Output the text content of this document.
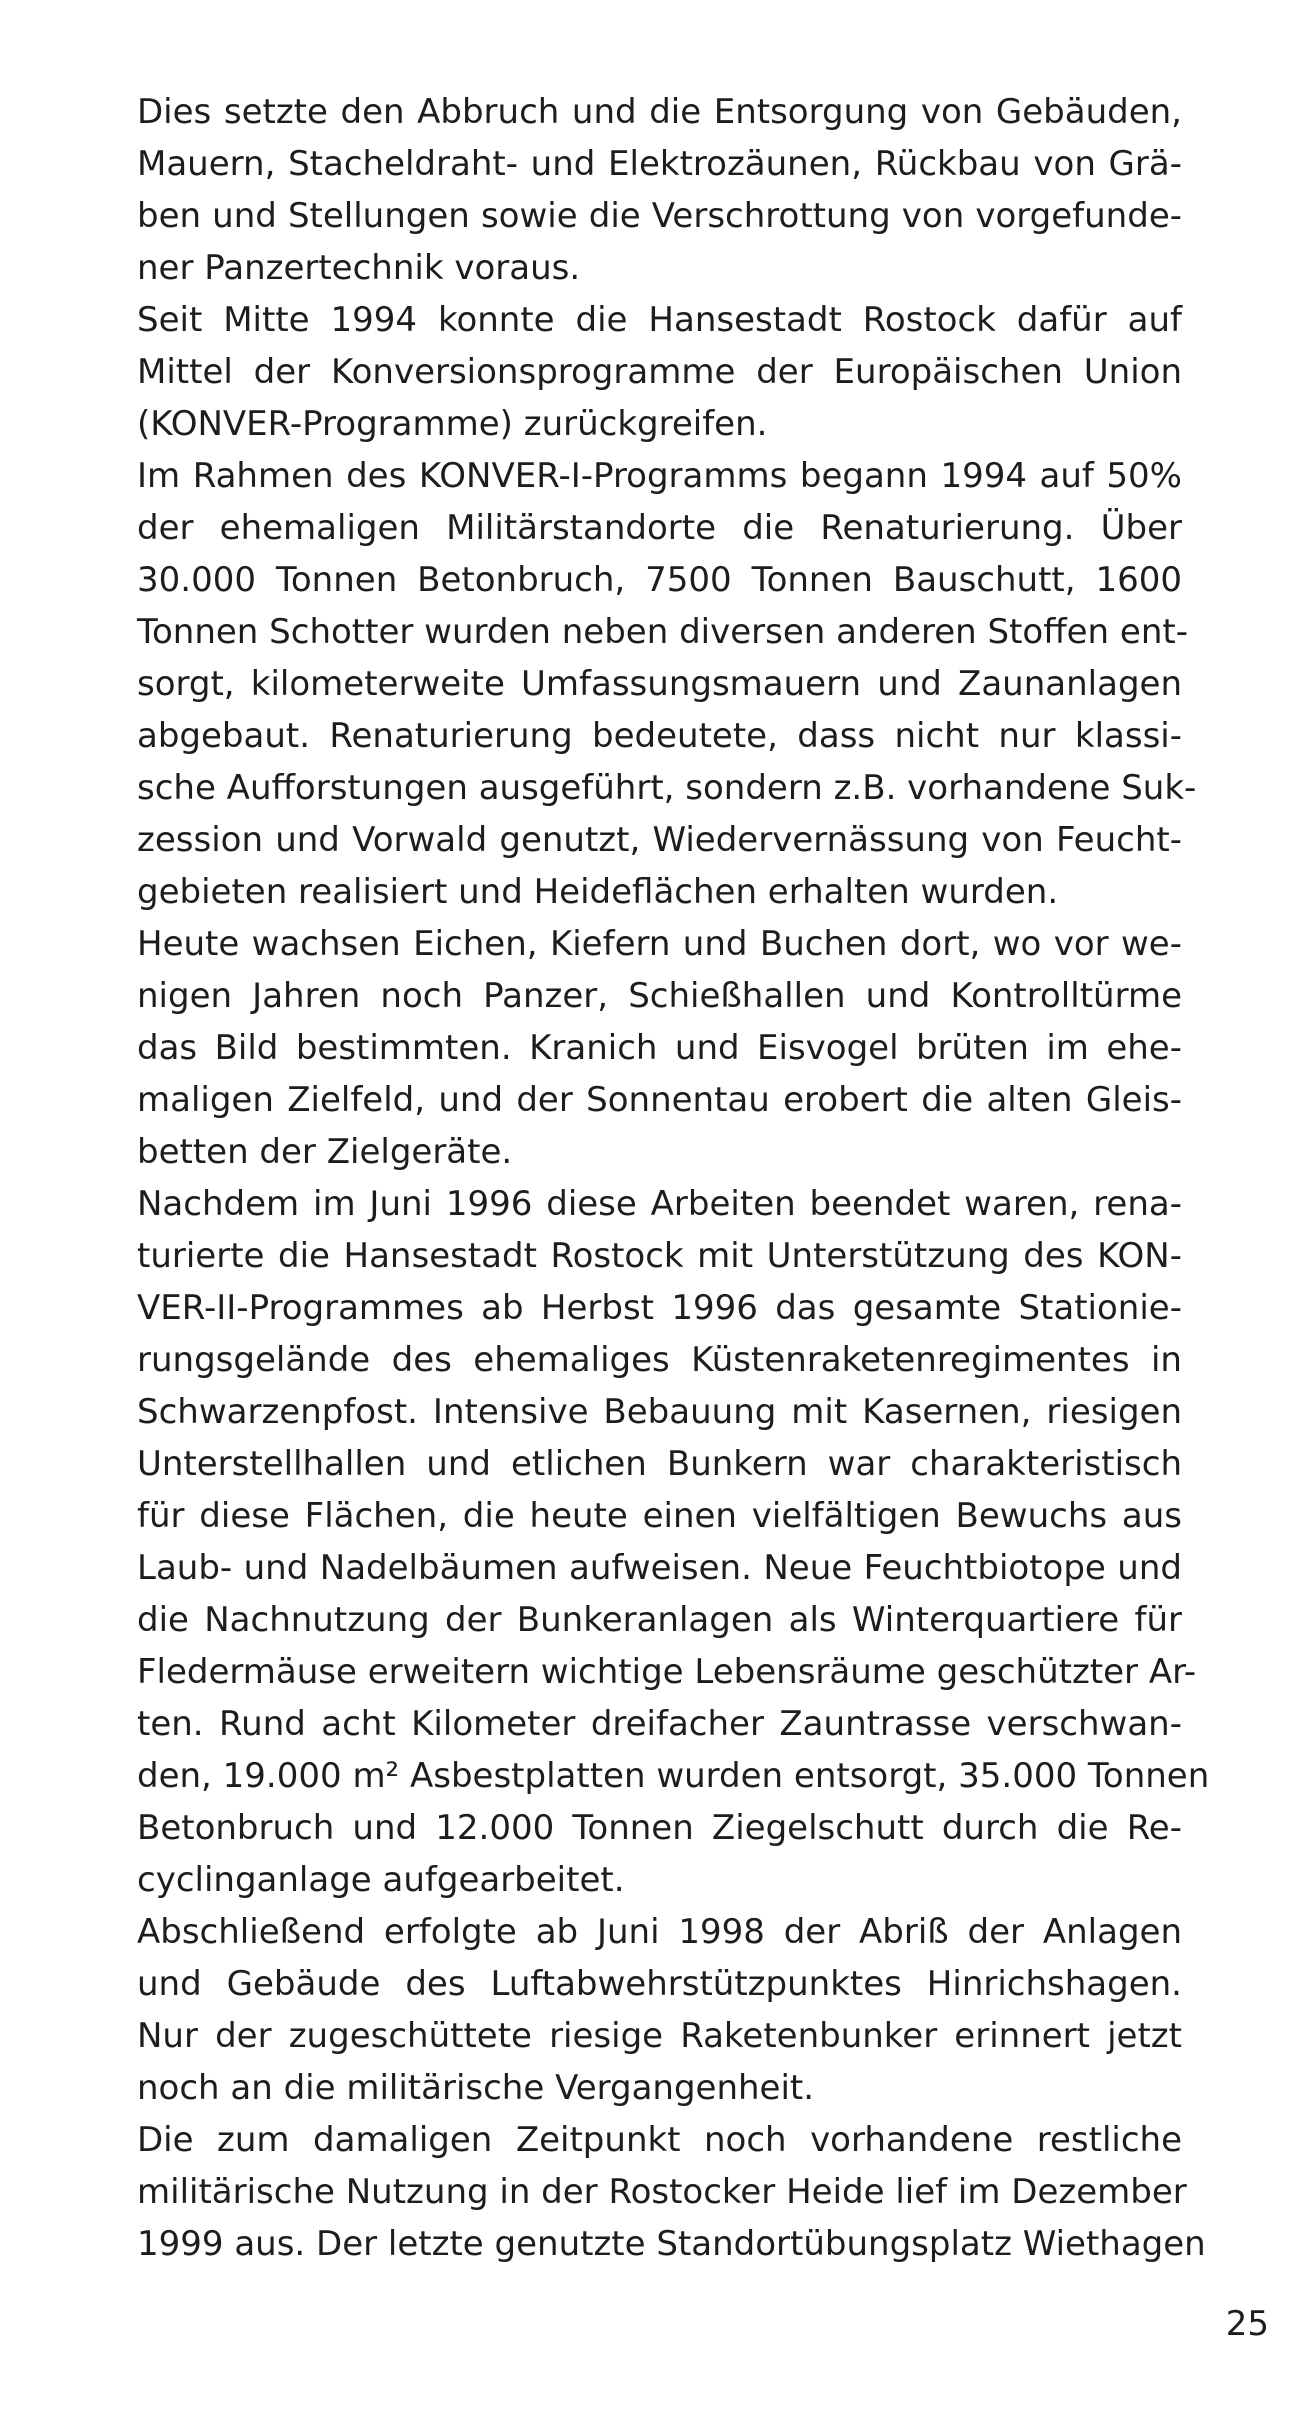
Dies setzte den Abbruch und die Entsorgung von Gebäuden,
Mauern, Stacheldraht- und Elektrozäunen, Rückbau von Grä-
ben und Stellungen sowie die Verschrottung von vorgefunde-
ner Panzertechnik voraus.
Seit Mitte 1994 konnte die Hansestadt Rostock dafür auf
Mittel der Konversionsprogramme der Europäischen Union
(KONVER-Programme) zurückgreifen.
Im Rahmen des KONVER-I-Programms begann 1994 auf 50%
der ehemaligen Militärstandorte die Renaturierung. Über
30.000 Tonnen Betonbruch, 7500 Tonnen Bauschutt, 1600
Tonnen Schotter wurden neben diversen anderen Stoffen ent-
sorgt, kilometerweite Umfassungsmauern und Zaunanlagen
abgebaut. Renaturierung bedeutete, dass nicht nur klassi-
sche Aufforstungen ausgeführt, sondern z.B. vorhandene Suk-
zession und Vorwald genutzt, Wiedervernässung von Feucht-
gebieten realisiert und Heideflächen erhalten wurden.
Heute wachsen Eichen, Kiefern und Buchen dort, wo vor we-
nigen Jahren noch Panzer, Schießhallen und Kontrolltürme
das Bild bestimmten. Kranich und Eisvogel brüten im ehe-
maligen Zielfeld, und der Sonnentau erobert die alten Gleis-
betten der Zielgeräte.
Nachdem im Juni 1996 diese Arbeiten beendet waren, rena-
turierte die Hansestadt Rostock mit Unterstützung des KON-
VER-II-Programmes ab Herbst 1996 das gesamte Stationie-
rungsgelände des ehemaliges Küstenraketenregimentes in
Schwarzenpfost. Intensive Bebauung mit Kasernen, riesigen
Unterstellhallen und etlichen Bunkern war charakteristisch
für diese Flächen, die heute einen vielfältigen Bewuchs aus
Laub- und Nadelbäumen aufweisen. Neue Feuchtbiotope und
die Nachnutzung der Bunkeranlagen als Winterquartiere für
Fledermäuse erweitern wichtige Lebensräume geschützter Ar-
ten. Rund acht Kilometer dreifacher Zauntrasse verschwan-
den, 19.000 m² Asbestplatten wurden entsorgt, 35.000 Tonnen
Betonbruch und 12.000 Tonnen Ziegelschutt durch die Re-
cyclinganlage aufgearbeitet.
Abschließend erfolgte ab Juni 1998 der Abriß der Anlagen
und Gebäude des Luftabwehrstützpunktes Hinrichshagen.
Nur der zugeschüttete riesige Raketenbunker erinnert jetzt
noch an die militärische Vergangenheit.
Die zum damaligen Zeitpunkt noch vorhandene restliche
militärische Nutzung in der Rostocker Heide lief im Dezember
1999 aus. Der letzte genutzte Standortübungsplatz Wiethagen
25
